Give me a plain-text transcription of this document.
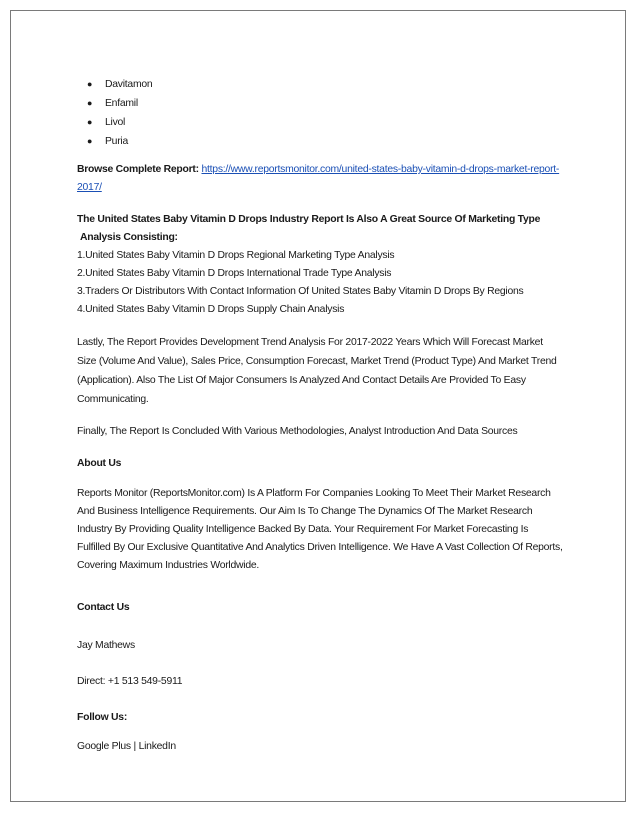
● Davitamon
● Enfamil
● Livol
● Puria

Browse Complete Report: https://www.reportsmonitor.com/united-states-baby-vitamin-d-drops-market-report-2017/

The United States Baby Vitamin D Drops Industry Report Is Also A Great Source Of Marketing Type Analysis Consisting:

1.United States Baby Vitamin D Drops Regional Marketing Type Analysis

2.United States Baby Vitamin D Drops International Trade Type Analysis

3.Traders Or Distributors With Contact Information Of United States Baby Vitamin D Drops By Regions

4.United States Baby Vitamin D Drops Supply Chain Analysis

Lastly, The Report Provides Development Trend Analysis For 2017-2022 Years Which Will Forecast Market Size (Volume And Value), Sales Price, Consumption Forecast, Market Trend (Product Type) And Market Trend (Application). Also The List Of Major Consumers Is Analyzed And Contact Details Are Provided To Easy Communicating.

Finally, The Report Is Concluded With Various Methodologies, Analyst Introduction And Data Sources

About Us

Reports Monitor (ReportsMonitor.com) Is A Platform For Companies Looking To Meet Their Market Research And Business Intelligence Requirements. Our Aim Is To Change The Dynamics Of The Market Research Industry By Providing Quality Intelligence Backed By Data. Your Requirement For Market Forecasting Is Fulfilled By Our Exclusive Quantitative And Analytics Driven Intelligence. We Have A Vast Collection Of Reports, Covering Maximum Industries Worldwide.

Contact Us

Jay Mathews

Direct: +1 513 549-5911

Follow Us:

Google Plus | LinkedIn
